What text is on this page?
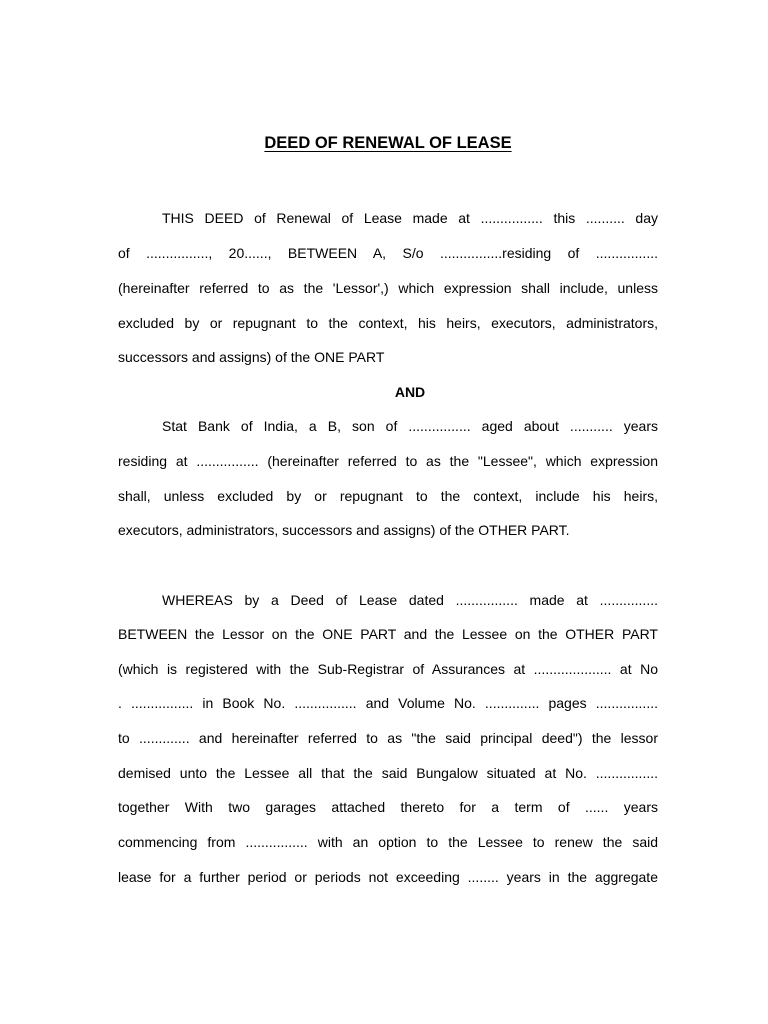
DEED OF RENEWAL OF LEASE
THIS DEED of Renewal of Lease made at ................ this .......... day
of ................, 20......, BETWEEN A, S/o ................residing of ................
(hereinafter referred to as the 'Lessor',) which expression shall include, unless
excluded by or repugnant to the context, his heirs, executors, administrators,
successors and assigns) of the ONE PART
AND
Stat Bank of India, a B, son of ................ aged about ........... years
residing at ................ (hereinafter referred to as the "Lessee", which expression
shall, unless excluded by or repugnant to the context, include his heirs,
executors, administrators, successors and assigns) of the OTHER PART.
WHEREAS by a Deed of Lease dated ................ made at ...............
BETWEEN the Lessor on the ONE PART and the Lessee on the OTHER PART
(which is registered with the Sub-Registrar of Assurances at .................... at No
. ................ in Book No. ................ and Volume No. .............. pages ................
to ............. and hereinafter referred to as "the said principal deed") the lessor
demised unto the Lessee all that the said Bungalow situated at No. ................
together With two garages attached thereto for a term of ...... years
commencing from ................ with an option to the Lessee to renew the said
lease for a further period or periods not exceeding ........ years in the aggregate
